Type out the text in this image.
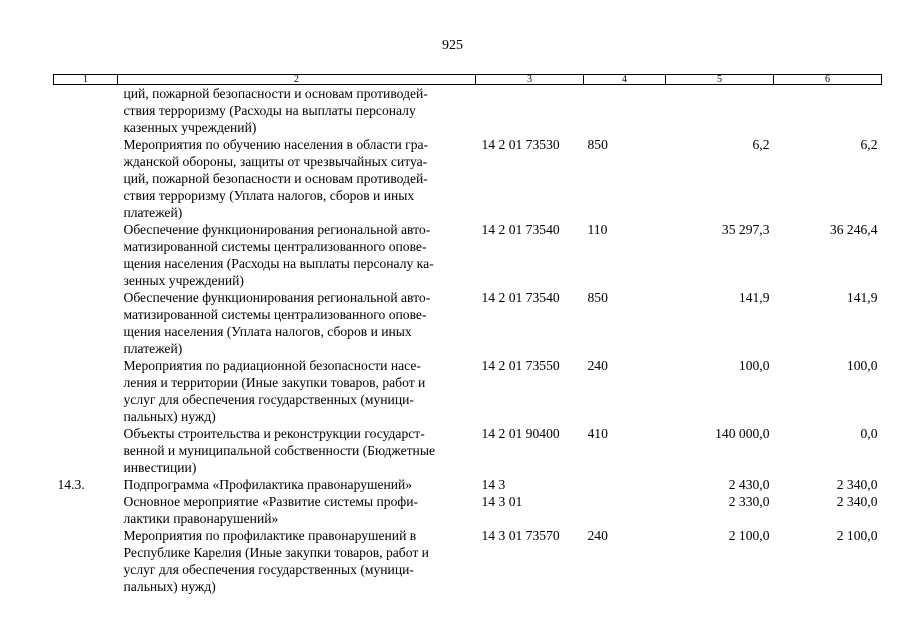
925
1	2	3	4	5	6

	ций, пожарной безопасности и основам противодей-
ствия терроризму (Расходы на выплаты персоналу
казенных учреждений)				

	Мероприятия по обучению населения в области гра-
жданской обороны, защиты от чрезвычайных ситуа-
ций, пожарной безопасности и основам противодей-
ствия терроризму (Уплата налогов, сборов и иных
платежей)	14 2 01 73530	850	6,2	6,2

	Обеспечение функционирования региональной авто-
матизированной системы централизованного опове-
щения населения (Расходы на выплаты персоналу ка-
зенных учреждений)	14 2 01 73540	110	35 297,3	36 246,4

	Обеспечение функционирования региональной авто-
матизированной системы централизованного опове-
щения населения (Уплата налогов, сборов и иных
платежей)	14 2 01 73540	850	141,9	141,9

	Мероприятия по радиационной безопасности насе-
ления и территории (Иные закупки товаров, работ и
услуг для обеспечения государственных (муници-
пальных) нужд)	14 2 01 73550	240	100,0	100,0

	Объекты строительства и реконструкции государст-
венной и муниципальной собственности (Бюджетные
инвестиции)	14 2 01 90400	410	140 000,0	0,0
14.3.	Подпрограмма «Профилактика правонарушений»	14 3		2 430,0	2 340,0

	Основное мероприятие «Развитие системы профи-
лактики правонарушений»	14 3 01		2 330,0	2 340,0

	Мероприятия по профилактике правонарушений в
Республике Карелия (Иные закупки товаров, работ и
услуг для обеспечения государственных (муници-
пальных) нужд)	14 3 01 73570	240	2 100,0	2 100,0
